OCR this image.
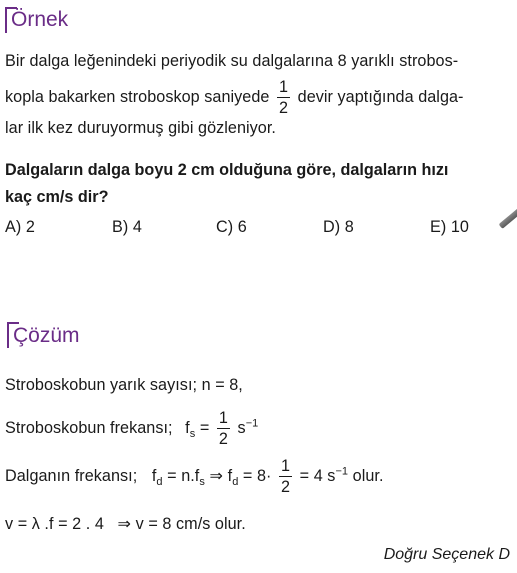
Örnek
Bir dalga leğenindeki periyodik su dalgalarına 8 yarıklı strobos-
kopla bakarken stroboskop saniyede $\frac{1}{2}$ devir yaptığında dalga-
lar ilk kez duruyormuş gibi gözleniyor.
Dalgaların dalga boyu 2 cm olduğuna göre, dalgaların hızı
kaç cm/s dir?
A) 2	B) 4	C) 6	D) 8	E) 10
Çözüm
Stroboskobun yarık sayısı; n = 8,
Stroboskobun frekansı; $f_s = \frac{1}{2} s^{-1}$
Dalganın frekansı; $f_d = n.f_s$ ⇒ $f_d = 8\cdot \frac{1}{2} = 4$ $s^{-1}$ olur.
v = λ .f = 2 . 4   ⇒ v = 8 cm/s olur.
Doğru Seçenek D
